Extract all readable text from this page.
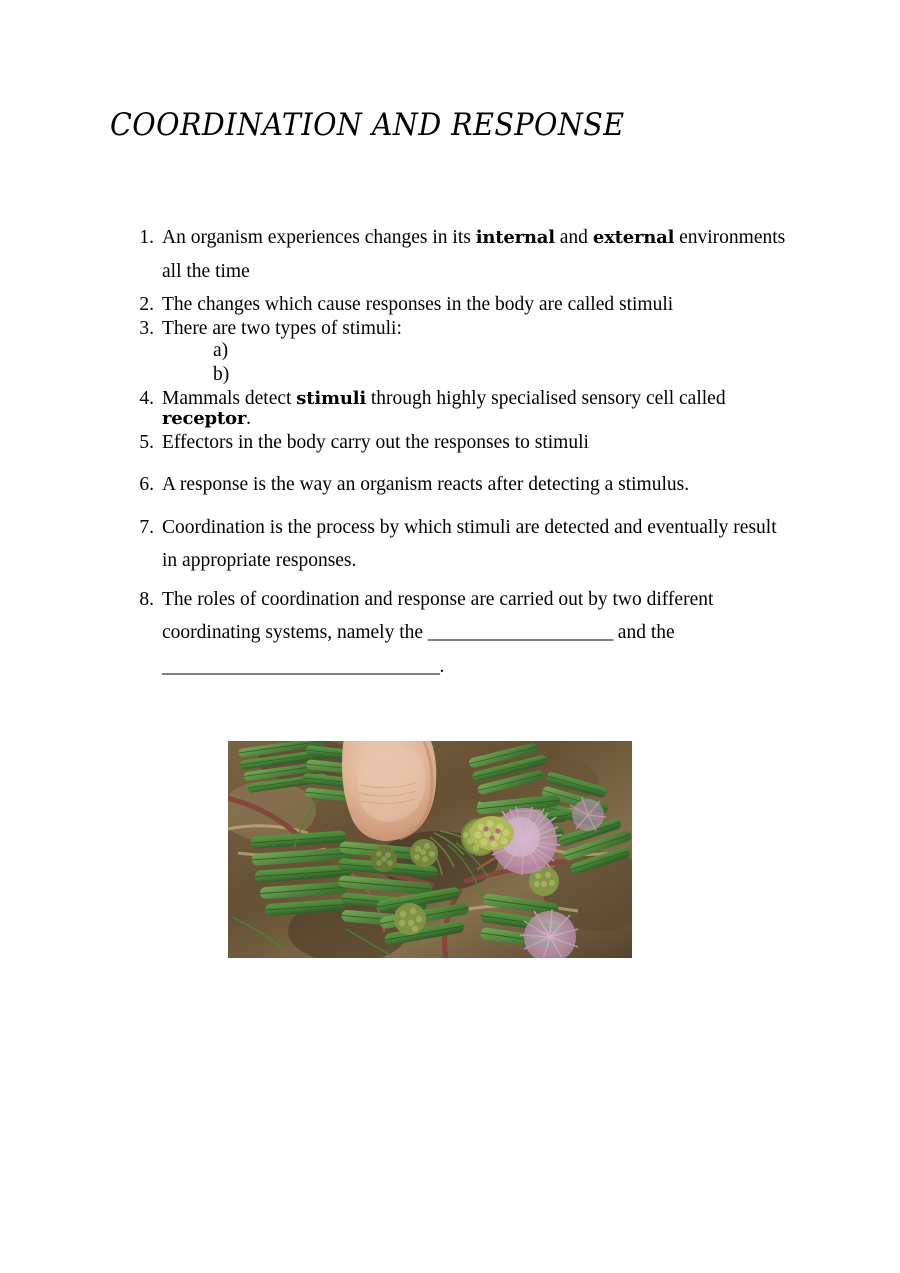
COORDINATION AND RESPONSE
1. An organism experiences changes in its internal and external environments all the time
2. The changes which cause responses in the body are called stimuli
3. There are two types of stimuli:
a)
b)
4. Mammals detect stimuli through highly specialised sensory cell called receptor.
5. Effectors in the body carry out the responses to stimuli
6. A response is the way an organism reacts after detecting a stimulus.
7. Coordination is the process by which stimuli are detected and eventually result in appropriate responses.
8. The roles of coordination and response are carried out by two different coordinating systems, namely the ____________________ and the ______________________________.
